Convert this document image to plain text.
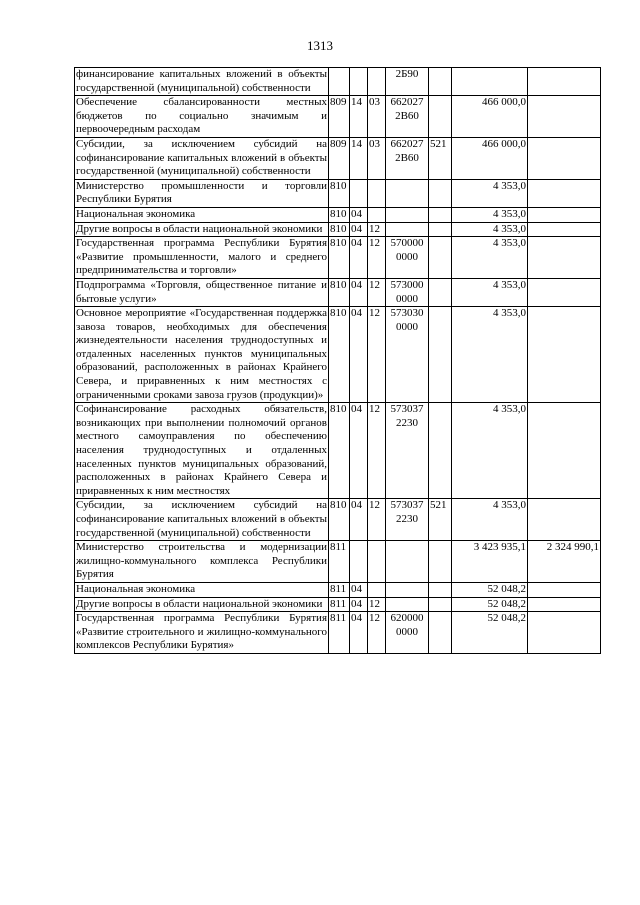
1313
финансирование капитальных вложений в объекты государственной (муниципальной) собственности				2Б90			
Обеспечение сбалансированности местных бюджетов по социально значимым и первоочередным расходам	809	14	03	662027 2В60		466 000,0	
Субсидии, за исключением субсидий на софинансирование капитальных вложений в объекты государственной (муниципальной) собственности	809	14	03	662027 2В60	521	466 000,0	
Министерство промышленности и торговли Республики Бурятия	810					4 353,0	
Национальная экономика	810	04				4 353,0	
Другие вопросы в области национальной экономики	810	04	12			4 353,0	
Государственная программа Республики Бурятия «Развитие промышленности, малого и среднего предпринимательства и торговли»	810	04	12	570000 0000		4 353,0	
Подпрограмма «Торговля, общественное питание и бытовые услуги»	810	04	12	573000 0000		4 353,0	
Основное мероприятие «Государственная поддержка завоза товаров, необходимых для обеспечения жизнедеятельности населения труднодоступных и отдаленных населенных пунктов муниципальных образований, расположенных в районах Крайнего Севера, и приравненных к ним местностях с ограниченными сроками завоза грузов (продукции)»	810	04	12	573030 0000		4 353,0	
Софинансирование расходных обязательств, возникающих при выполнении полномочий органов местного самоуправления по обеспечению населения труднодоступных и отдаленных населенных пунктов муниципальных образований, расположенных в районах Крайнего Севера и приравненных к ним местностях	810	04	12	573037 2230		4 353,0	
Субсидии, за исключением субсидий на софинансирование капитальных вложений в объекты государственной (муниципальной) собственности	810	04	12	573037 2230	521	4 353,0	
Министерство строительства и модернизации жилищно-коммунального комплекса Республики Бурятия	811					3 423 935,1	2 324 990,1
Национальная экономика	811	04				52 048,2	
Другие вопросы в области национальной экономики	811	04	12			52 048,2	
Государственная программа Республики Бурятия «Развитие строительного и жилищно-коммунального комплексов Республики Бурятия»	811	04	12	620000 0000		52 048,2	
